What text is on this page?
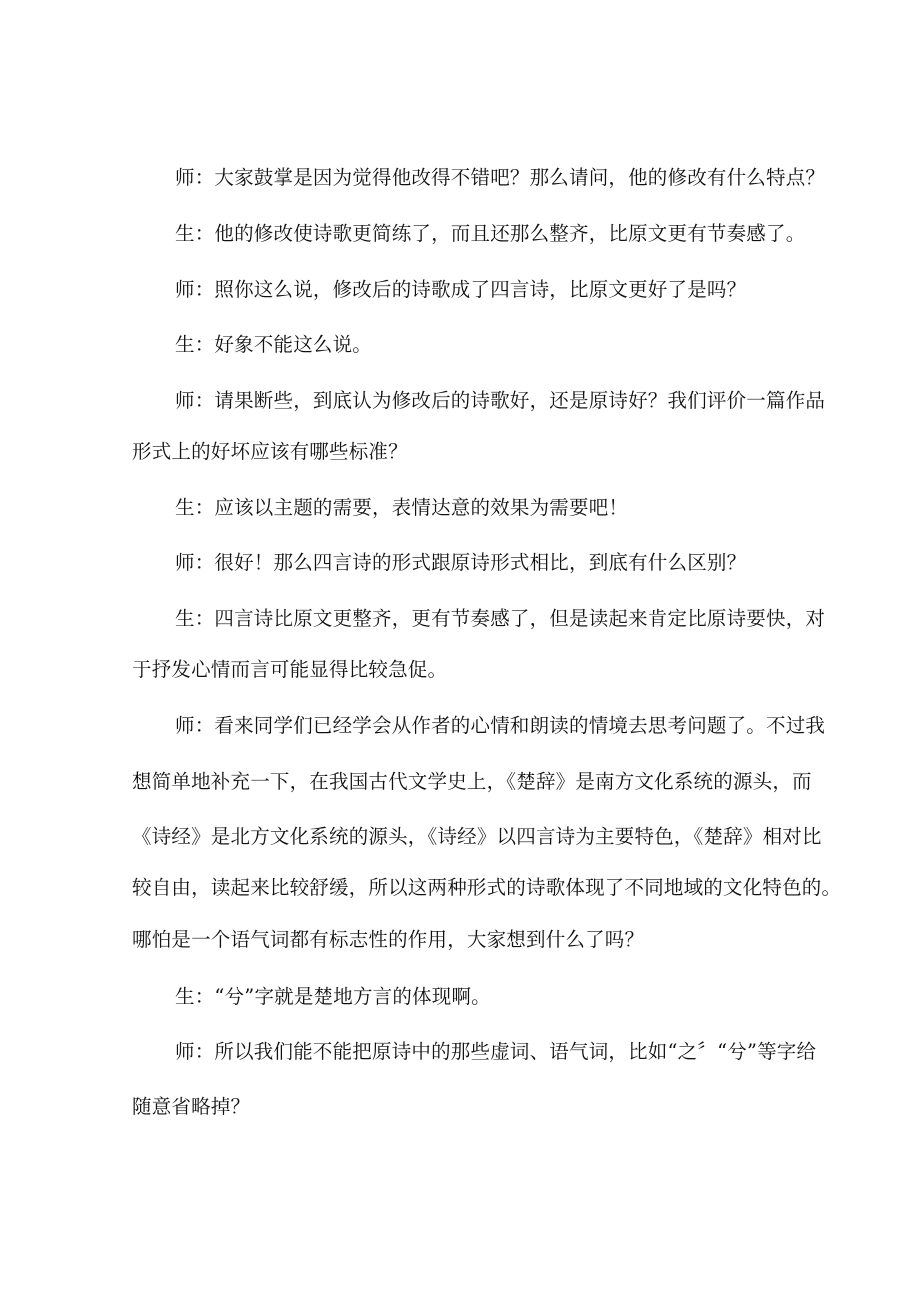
师：大家鼓掌是因为觉得他改得不错吧？那么请问，他的修改有什么特点？
生：他的修改使诗歌更简练了，而且还那么整齐，比原文更有节奏感了。
师：照你这么说，修改后的诗歌成了四言诗，比原文更好了是吗？
生：好象不能这么说。
师：请果断些，到底认为修改后的诗歌好，还是原诗好？我们评价一篇作品
形式上的好坏应该有哪些标准？
生：应该以主题的需要，表情达意的效果为需要吧！
师：很好！那么四言诗的形式跟原诗形式相比，到底有什么区别？
生：四言诗比原文更整齐，更有节奏感了，但是读起来肯定比原诗要快，对
于抒发心情而言可能显得比较急促。
师：看来同学们已经学会从作者的心情和朗读的情境去思考问题了。不过我
想简单地补充一下，在我国古代文学史上，《楚辞》是南方文化系统的源头，而
《诗经》是北方文化系统的源头，《诗经》以四言诗为主要特色，《楚辞》相对比
较自由，读起来比较舒缓，所以这两种形式的诗歌体现了不同地域的文化特色的。
哪怕是一个语气词都有标志性的作用，大家想到什么了吗？
生：“兮”字就是楚地方言的体现啊。
师：所以我们能不能把原诗中的那些虚词、语气词，比如“之〞“兮”等字给
随意省略掉？
